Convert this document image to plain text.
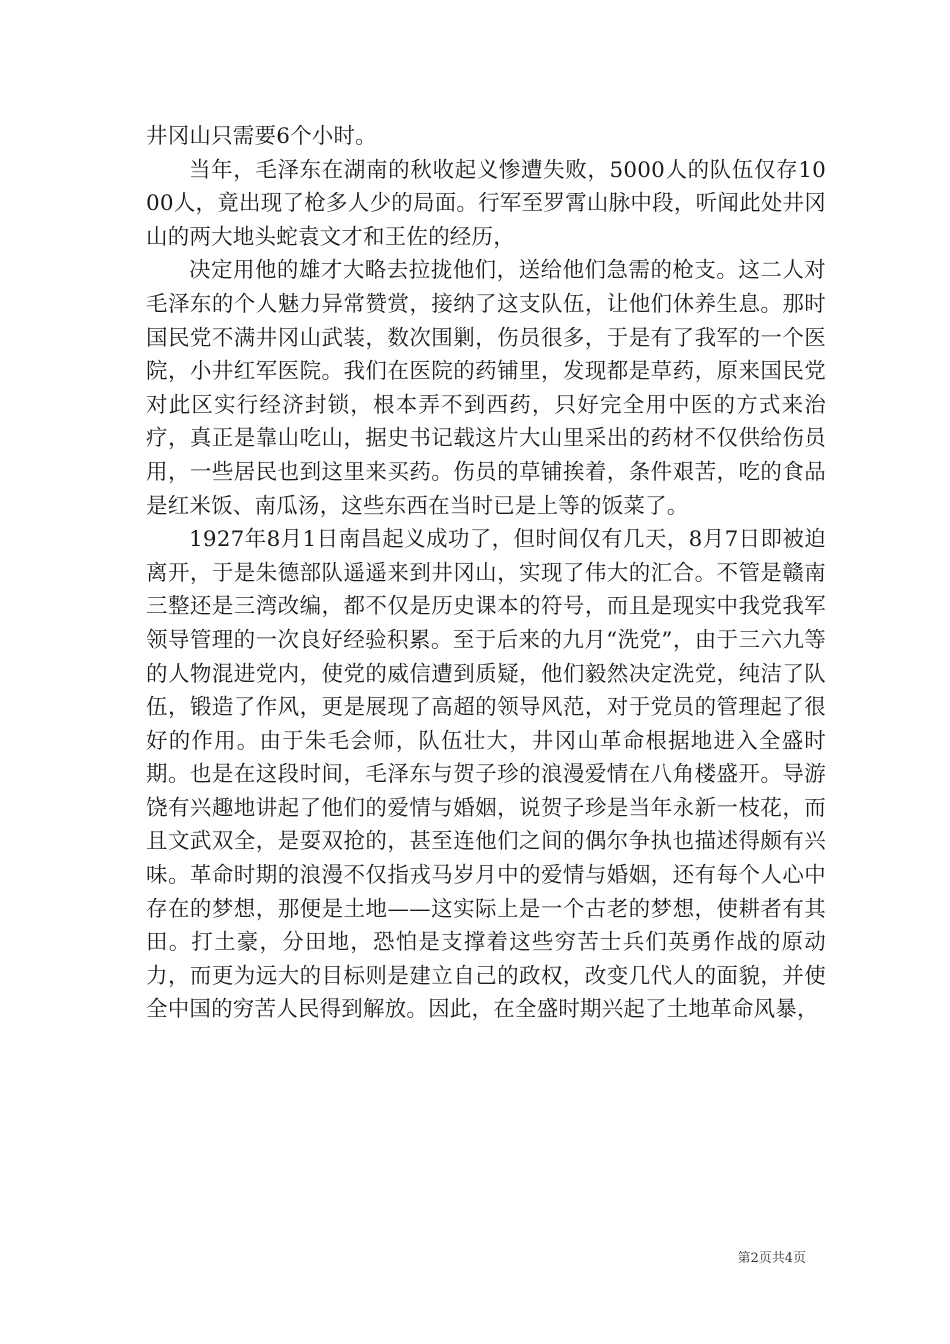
井冈山只需要6个小时。

当年，毛泽东在湖南的秋收起义惨遭失败，5000人的队伍仅存1000人，竟出现了枪多人少的局面。行军至罗霄山脉中段，听闻此处井冈山的两大地头蛇袁文才和王佐的经历，

决定用他的雄才大略去拉拢他们，送给他们急需的枪支。这二人对毛泽东的个人魅力异常赞赏，接纳了这支队伍，让他们休养生息。那时国民党不满井冈山武装，数次围剿，伤员很多，于是有了我军的一个医院，小井红军医院。我们在医院的药铺里，发现都是草药，原来国民党对此区实行经济封锁，根本弄不到西药，只好完全用中医的方式来治疗，真正是靠山吃山，据史书记载这片大山里采出的药材不仅供给伤员用，一些居民也到这里来买药。伤员的草铺挨着，条件艰苦，吃的食品是红米饭、南瓜汤，这些东西在当时已是上等的饭菜了。

1927年8月1日南昌起义成功了，但时间仅有几天，8月7日即被迫离开，于是朱德部队遥遥来到井冈山，实现了伟大的汇合。不管是赣南三整还是三湾改编，都不仅是历史课本的符号，而且是现实中我党我军领导管理的一次良好经验积累。至于后来的九月“洗党”，由于三六九等的人物混进党内，使党的威信遭到质疑，他们毅然决定洗党，纯洁了队伍，锻造了作风，更是展现了高超的领导风范，对于党员的管理起了很好的作用。由于朱毛会师，队伍壮大，井冈山革命根据地进入全盛时期。也是在这段时间，毛泽东与贺子珍的浪漫爱情在八角楼盛开。导游饶有兴趣地讲起了他们的爱情与婚姻，说贺子珍是当年永新一枝花，而且文武双全，是耍双抢的，甚至连他们之间的偶尔争执也描述得颇有兴味。革命时期的浪漫不仅指戎马岁月中的爱情与婚姻，还有每个人心中存在的梦想，那便是土地——这实际上是一个古老的梦想，使耕者有其田。打土豪，分田地，恐怕是支撑着这些穷苦士兵们英勇作战的原动力，而更为远大的目标则是建立自己的政权，改变几代人的面貌，并使全中国的穷苦人民得到解放。因此，在全盛时期兴起了土地革命风暴，

第2页共4页
